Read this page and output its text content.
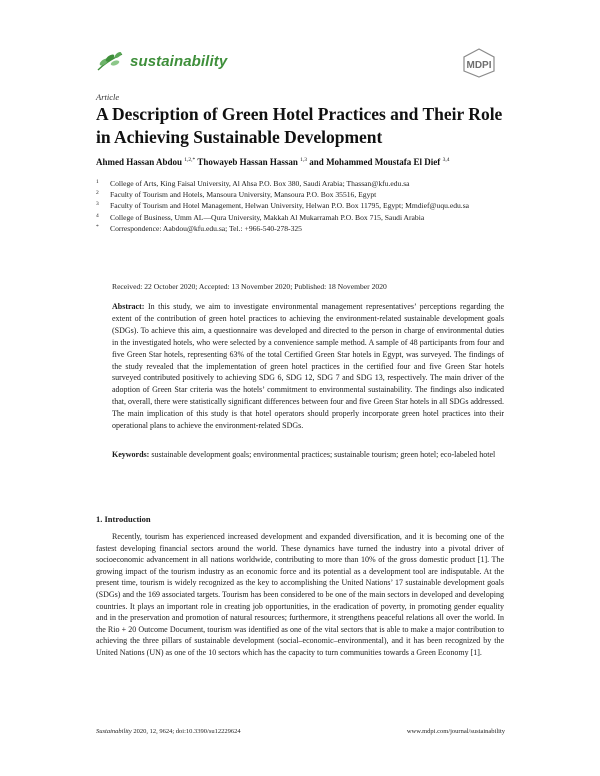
sustainability	MDPI
Article
A Description of Green Hotel Practices and Their Role in Achieving Sustainable Development
Ahmed Hassan Abdou $^{1,2,*}$ Thowayeb Hassan Hassan $^{1,3}$ and Mohammed Moustafa El Dief $^{3,4}$
1	College of Arts, King Faisal University, Al Ahsa P.O. Box 380, Saudi Arabia; Thassan@kfu.edu.sa
2	Faculty of Tourism and Hotels, Mansoura University, Mansoura P.O. Box 35516, Egypt
3	Faculty of Tourism and Hotel Management, Helwan University, Helwan P.O. Box 11795, Egypt; Mmdief@uqu.edu.sa
4	College of Business, Umm AL—Qura University, Makkah Al Mukarramah P.O. Box 715, Saudi Arabia
*	Correspondence: Aabdou@kfu.edu.sa; Tel.: +966-540-278-325
Received: 22 October 2020; Accepted: 13 November 2020; Published: 18 November 2020

Abstract: In this study, we aim to investigate environmental management representatives’ perceptions regarding the extent of the contribution of green hotel practices to achieving the environment-related sustainable development goals (SDGs). To achieve this aim, a questionnaire was developed and directed to the person in charge of environmental duties in the investigated hotels, who were selected by a convenience sample method. A sample of 48 participants from four and five Green Star hotels, representing 63% of the total Certified Green Star hotels in Egypt, was surveyed. The findings of the study revealed that the implementation of green hotel practices in the certified four and five Green Star hotels surveyed contributed positively to achieving SDG 6, SDG 12, SDG 7 and SDG 13, respectively. The main driver of the adoption of Green Star criteria was the hotels’ commitment to environmental sustainability. The findings also indicated that, overall, there were statistically significant differences between four and five Green Star hotels in all SDGs addressed. The main implication of this study is that hotel operators should properly incorporate green hotel practices into their operational plans to achieve the environment-related SDGs.

Keywords: sustainable development goals; environmental practices; sustainable tourism; green hotel; eco-labeled hotel

1. Introduction

Recently, tourism has experienced increased development and expanded diversification, and it is becoming one of the fastest developing financial sectors around the world. These dynamics have turned the industry into a pivotal driver of socioeconomic advancement in all nations worldwide, contributing to more than 10% of the gross domestic product [1]. The growing impact of the tourism industry as an economic force and its potential as a development tool are indisputable. At the present time, tourism is widely recognized as the key to accomplishing the United Nations’ 17 sustainable development goals (SDGs) and the 169 associated targets. Tourism has been considered to be one of the main sectors in developed and developing countries. It plays an important role in creating job opportunities, in the eradication of poverty, in promoting gender equality and in the preservation and promotion of natural resources; furthermore, it strengthens peaceful relations all over the world. In the Rio + 20 Outcome Document, tourism was identified as one of the vital sectors that is able to make a major contribution to achieving the three pillars of sustainable development (social–economic–environmental), and it has been recognized by the United Nations (UN) as one of the 10 sectors which has the capacity to turn communities towards a Green Economy [1].

Sustainability 2020, 12, 9624; doi:10.3390/su12229624	www.mdpi.com/journal/sustainability
